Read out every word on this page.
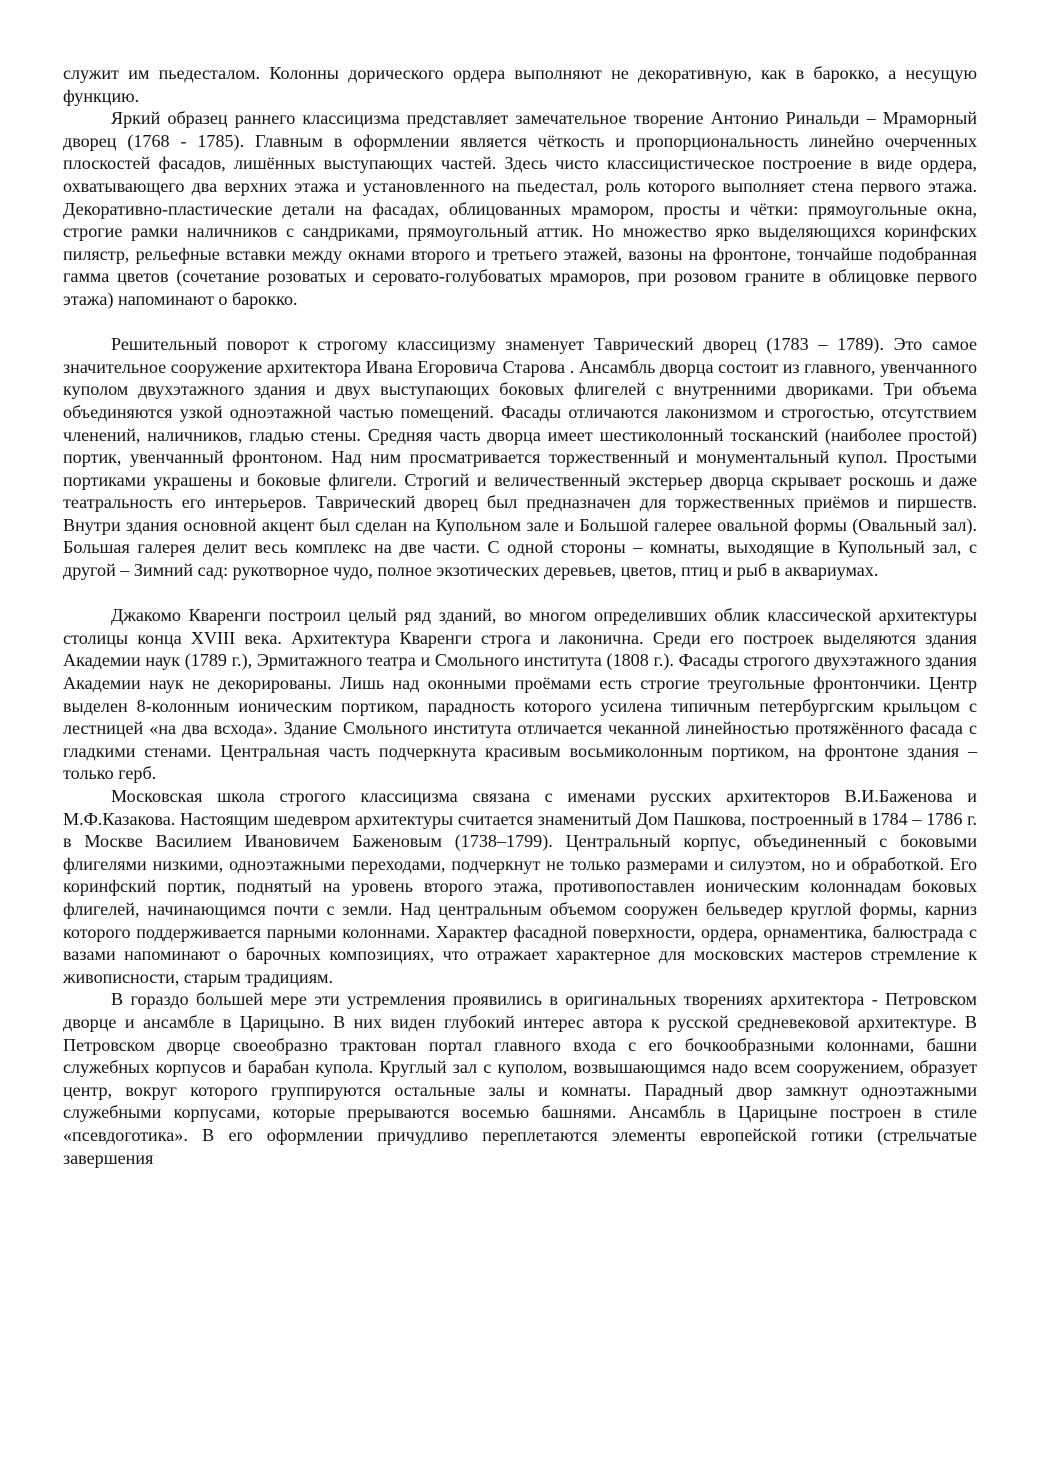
служит им пьедесталом. Колонны дорического ордера выполняют не декоративную, как в барокко, а несущую функцию.

Яркий образец раннего классицизма представляет замечательное творение Антонио Ринальди – Мраморный дворец (1768 - 1785). Главным в оформлении является чёткость и пропорциональность линейно очерченных плоскостей фасадов, лишённых выступающих частей. Здесь чисто классицистическое построение в виде ордера, охватывающего два верхних этажа и установленного на пьедестал, роль которого выполняет стена первого этажа. Декоративно-пластические детали на фасадах, облицованных мрамором, просты и чётки: прямоугольные окна, строгие рамки наличников с сандриками, прямоугольный аттик. Но множество ярко выделяющихся коринфских пилястр, рельефные вставки между окнами второго и третьего этажей, вазоны на фронтоне, тончайше подобранная гамма цветов (сочетание розоватых и серовато-голубоватых мраморов, при розовом граните в облицовке первого этажа) напоминают о барокко.

Решительный поворот к строгому классицизму знаменует Таврический дворец (1783 – 1789). Это самое значительное сооружение архитектора Ивана Егоровича Старова . Ансамбль дворца состоит из главного, увенчанного куполом двухэтажного здания и двух выступающих боковых флигелей с внутренними двориками. Три объема объединяются узкой одноэтажной частью помещений. Фасады отличаются лаконизмом и строгостью, отсутствием членений, наличников, гладью стены. Средняя часть дворца имеет шестиколонный тосканский (наиболее простой) портик, увенчанный фронтоном. Над ним просматривается торжественный и монументальный купол. Простыми портиками украшены и боковые флигели. Строгий и величественный экстерьер дворца скрывает роскошь и даже театральность его интерьеров. Таврический дворец был предназначен для торжественных приёмов и пиршеств. Внутри здания основной акцент был сделан на Купольном зале и Большой галерее овальной формы (Овальный зал). Большая галерея делит весь комплекс на две части. С одной стороны – комнаты, выходящие в Купольный зал, с другой – Зимний сад: рукотворное чудо, полное экзотических деревьев, цветов, птиц и рыб в аквариумах.

Джакомо Кваренги построил целый ряд зданий, во многом определивших облик классической архитектуры столицы конца XVIII века. Архитектура Кваренги строга и лаконична. Среди его построек выделяются здания Академии наук (1789 г.), Эрмитажного театра и Смольного института (1808 г.). Фасады строгого двухэтажного здания Академии наук не декорированы. Лишь над оконными проёмами есть строгие треугольные фронтончики. Центр выделен 8-колонным ионическим портиком, парадность которого усилена типичным петербургским крыльцом с лестницей «на два всхода». Здание Смольного института отличается чеканной линейностью протяжённого фасада с гладкими стенами. Центральная часть подчеркнута красивым восьмиколонным портиком, на фронтоне здания – только герб.

Московская школа строгого классицизма связана с именами русских архитекторов В.И.Баженова и М.Ф.Казакова. Настоящим шедевром архитектуры считается знаменитый Дом Пашкова, построенный в 1784 – 1786 г. в Москве Василием Ивановичем Баженовым (1738–1799). Центральный корпус, объединенный с боковыми флигелями низкими, одноэтажными переходами, подчеркнут не только размерами и силуэтом, но и обработкой. Его коринфский портик, поднятый на уровень второго этажа, противопоставлен ионическим колоннадам боковых флигелей, начинающимся почти с земли. Над центральным объемом сооружен бельведер круглой формы, карниз которого поддерживается парными колоннами. Характер фасадной поверхности, ордера, орнаментика, балюстрада с вазами напоминают о барочных композициях, что отражает характерное для московских мастеров стремление к живописности, старым традициям.

В гораздо большей мере эти устремления проявились в оригинальных творениях архитектора - Петровском дворце и ансамбле в Царицыно. В них виден глубокий интерес автора к русской средневековой архитектуре. В Петровском дворце своеобразно трактован портал главного входа с его бочкообразными колоннами, башни служебных корпусов и барабан купола. Круглый зал с куполом, возвышающимся надо всем сооружением, образует центр, вокруг которого группируются остальные залы и комнаты. Парадный двор замкнут одноэтажными служебными корпусами, которые прерываются восемью башнями. Ансамбль в Царицыне построен в стиле «псевдоготика». В его оформлении причудливо переплетаются элементы европейской готики (стрельчатые завершения
